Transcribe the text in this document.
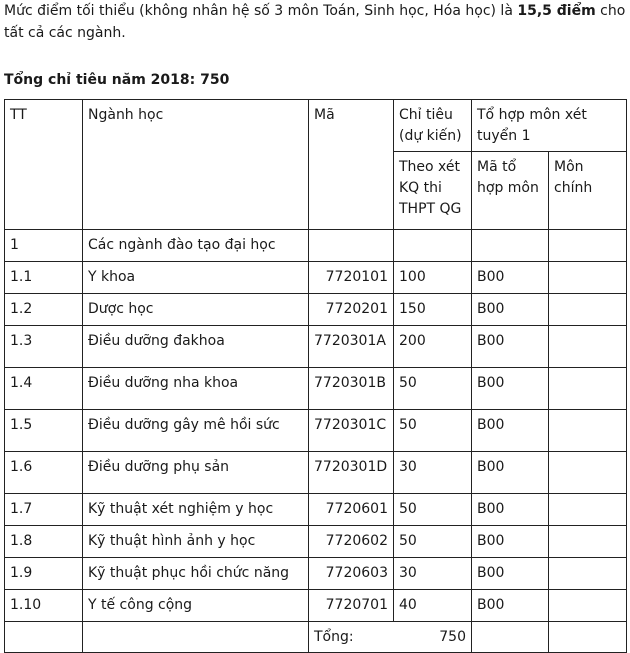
Mức điểm tối thiểu (không nhân hệ số 3 môn Toán, Sinh học, Hóa học) là 15,5 điểm cho tất cả các ngành.

Tổng chỉ tiêu năm 2018: 750

TT	Ngành học	Mã	Chỉ tiêu (dự kiến)	Tổ hợp môn xét tuyển 1	
			Theo xét KQ thi THPT QG	Mã tổ hợp môn	Môn chính
1	Các ngành đào tạo đại học				
1.1	Y khoa	7720101	100	B00	
1.2	Dược học	7720201	150	B00	
1.3	Điều dưỡng đakhoa	7720301A	200	B00	
1.4	Điều dưỡng nha khoa	7720301B	50	B00	
1.5	Điều dưỡng gây mê hồi sức	7720301C	50	B00	
1.6	Điều dưỡng phụ sản	7720301D	30	B00	
1.7	Kỹ thuật xét nghiệm y học	7720601	50	B00	
1.8	Kỹ thuật hình ảnh y học	7720602	50	B00	
1.9	Kỹ thuật phục hồi chức năng	7720603	30	B00	
1.10	Y tế công cộng	7720701	40	B00	

		Tổng: 750			
